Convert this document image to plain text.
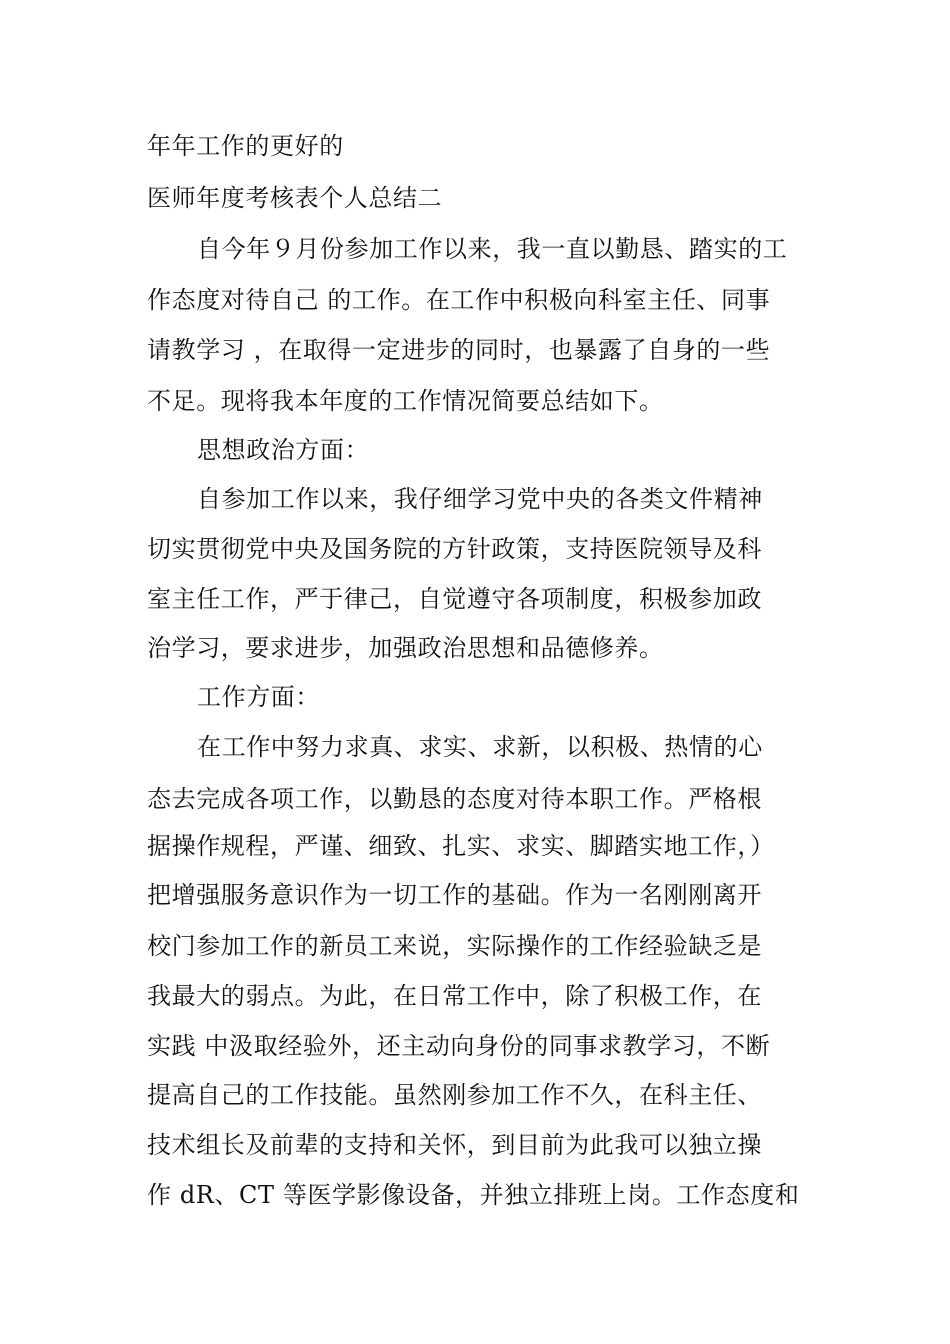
年年工作的更好的
医师年度考核表个人总结二
自今年９月份参加工作以来，我一直以勤恳、踏实的工
作态度对待自己 的工作。在工作中积极向科室主任、同事
请教学习 ，在取得一定进步的同时，也暴露了自身的一些
不足。现将我本年度的工作情况简要总结如下。
思想政治方面：
自参加工作以来，我仔细学习党中央的各类文件精神
切实贯彻党中央及国务院的方针政策，支持医院领导及科
室主任工作，严于律己，自觉遵守各项制度，积极参加政
治学习，要求进步，加强政治思想和品德修养。
工作方面：
在工作中努力求真、求实、求新，以积极、热情的心
态去完成各项工作，以勤恳的态度对待本职工作。严格根
据操作规程，严谨、细致、扎实、求实、脚踏实地工作，）
把增强服务意识作为一切工作的基础。作为一名刚刚离开
校门参加工作的新员工来说，实际操作的工作经验缺乏是
我最大的弱点。为此，在日常工作中，除了积极工作，在
实践 中汲取经验外，还主动向身份的同事求教学习，不断
提高自己的工作技能。虽然刚参加工作不久，在科主任、
技术组长及前辈的支持和关怀，到目前为此我可以独立操
作 dR、CT 等医学影像设备，并独立排班上岗。工作态度和
